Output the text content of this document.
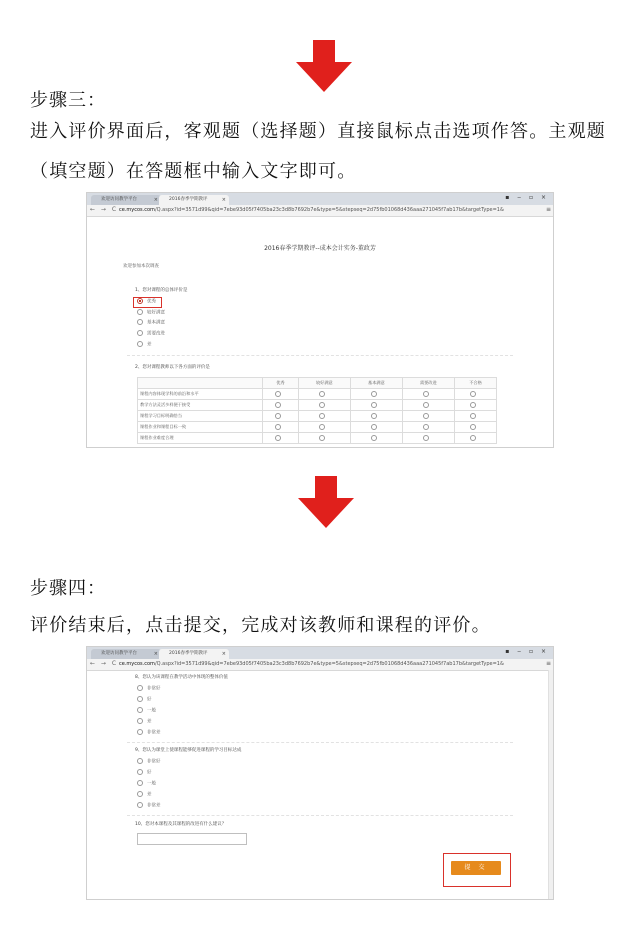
步骤三：
进入评价界面后，客观题（选择题）直接鼠标点击选项作答。主观题（填空题）在答题框中输入文字即可。
欢迎访问教学平台	×	2016春季学期教评	×	▪ ‒ ▫ ×
← → C ce.mycos.com/Q.aspx?id=3571d99&qid=7ebe93d05f7405ba23c3d8b7692b7e&type=5&stepseq=2d75fb01068d436aaa271045f7ab17b&targetType=1&	≡
2016春季学期教评--成本会计实务-董政芳
欢迎参加本次调查
1、您对课程的总体评价是
优秀
较好满意
基本满意
需要改进
差
2、您对课程教师以下各方面的评价是
	优秀	较好满意	基本满意	需要改进	不合格
课程内容体现学科的前沿和水平					
教学方法灵活多样便于接受					
课程学习目标明确恰当					
课程作业和课程目标一致					
课程作业难度合理					
步骤四：
评价结束后，点击提交，完成对该教师和课程的评价。
欢迎访问教学平台	×	2016春季学期教评	×	▪ ‒ ▫ ×
← → C ce.mycos.com/Q.aspx?id=3571d99&qid=7ebe93d05f7405ba23c3d8b7692b7e&type=5&stepseq=2d75fb01068d436aaa271045f7ab17b&targetType=1&	≡
8、您认为该课程在教学活动中体现的整体价值
非常好
好
一般
差
非常差
9、您认为课堂上使课程能够促进课程的学习目标达成
非常好
好
一般
差
非常差
10、您对本课程及其课程的改进有什么建议？
提 交
